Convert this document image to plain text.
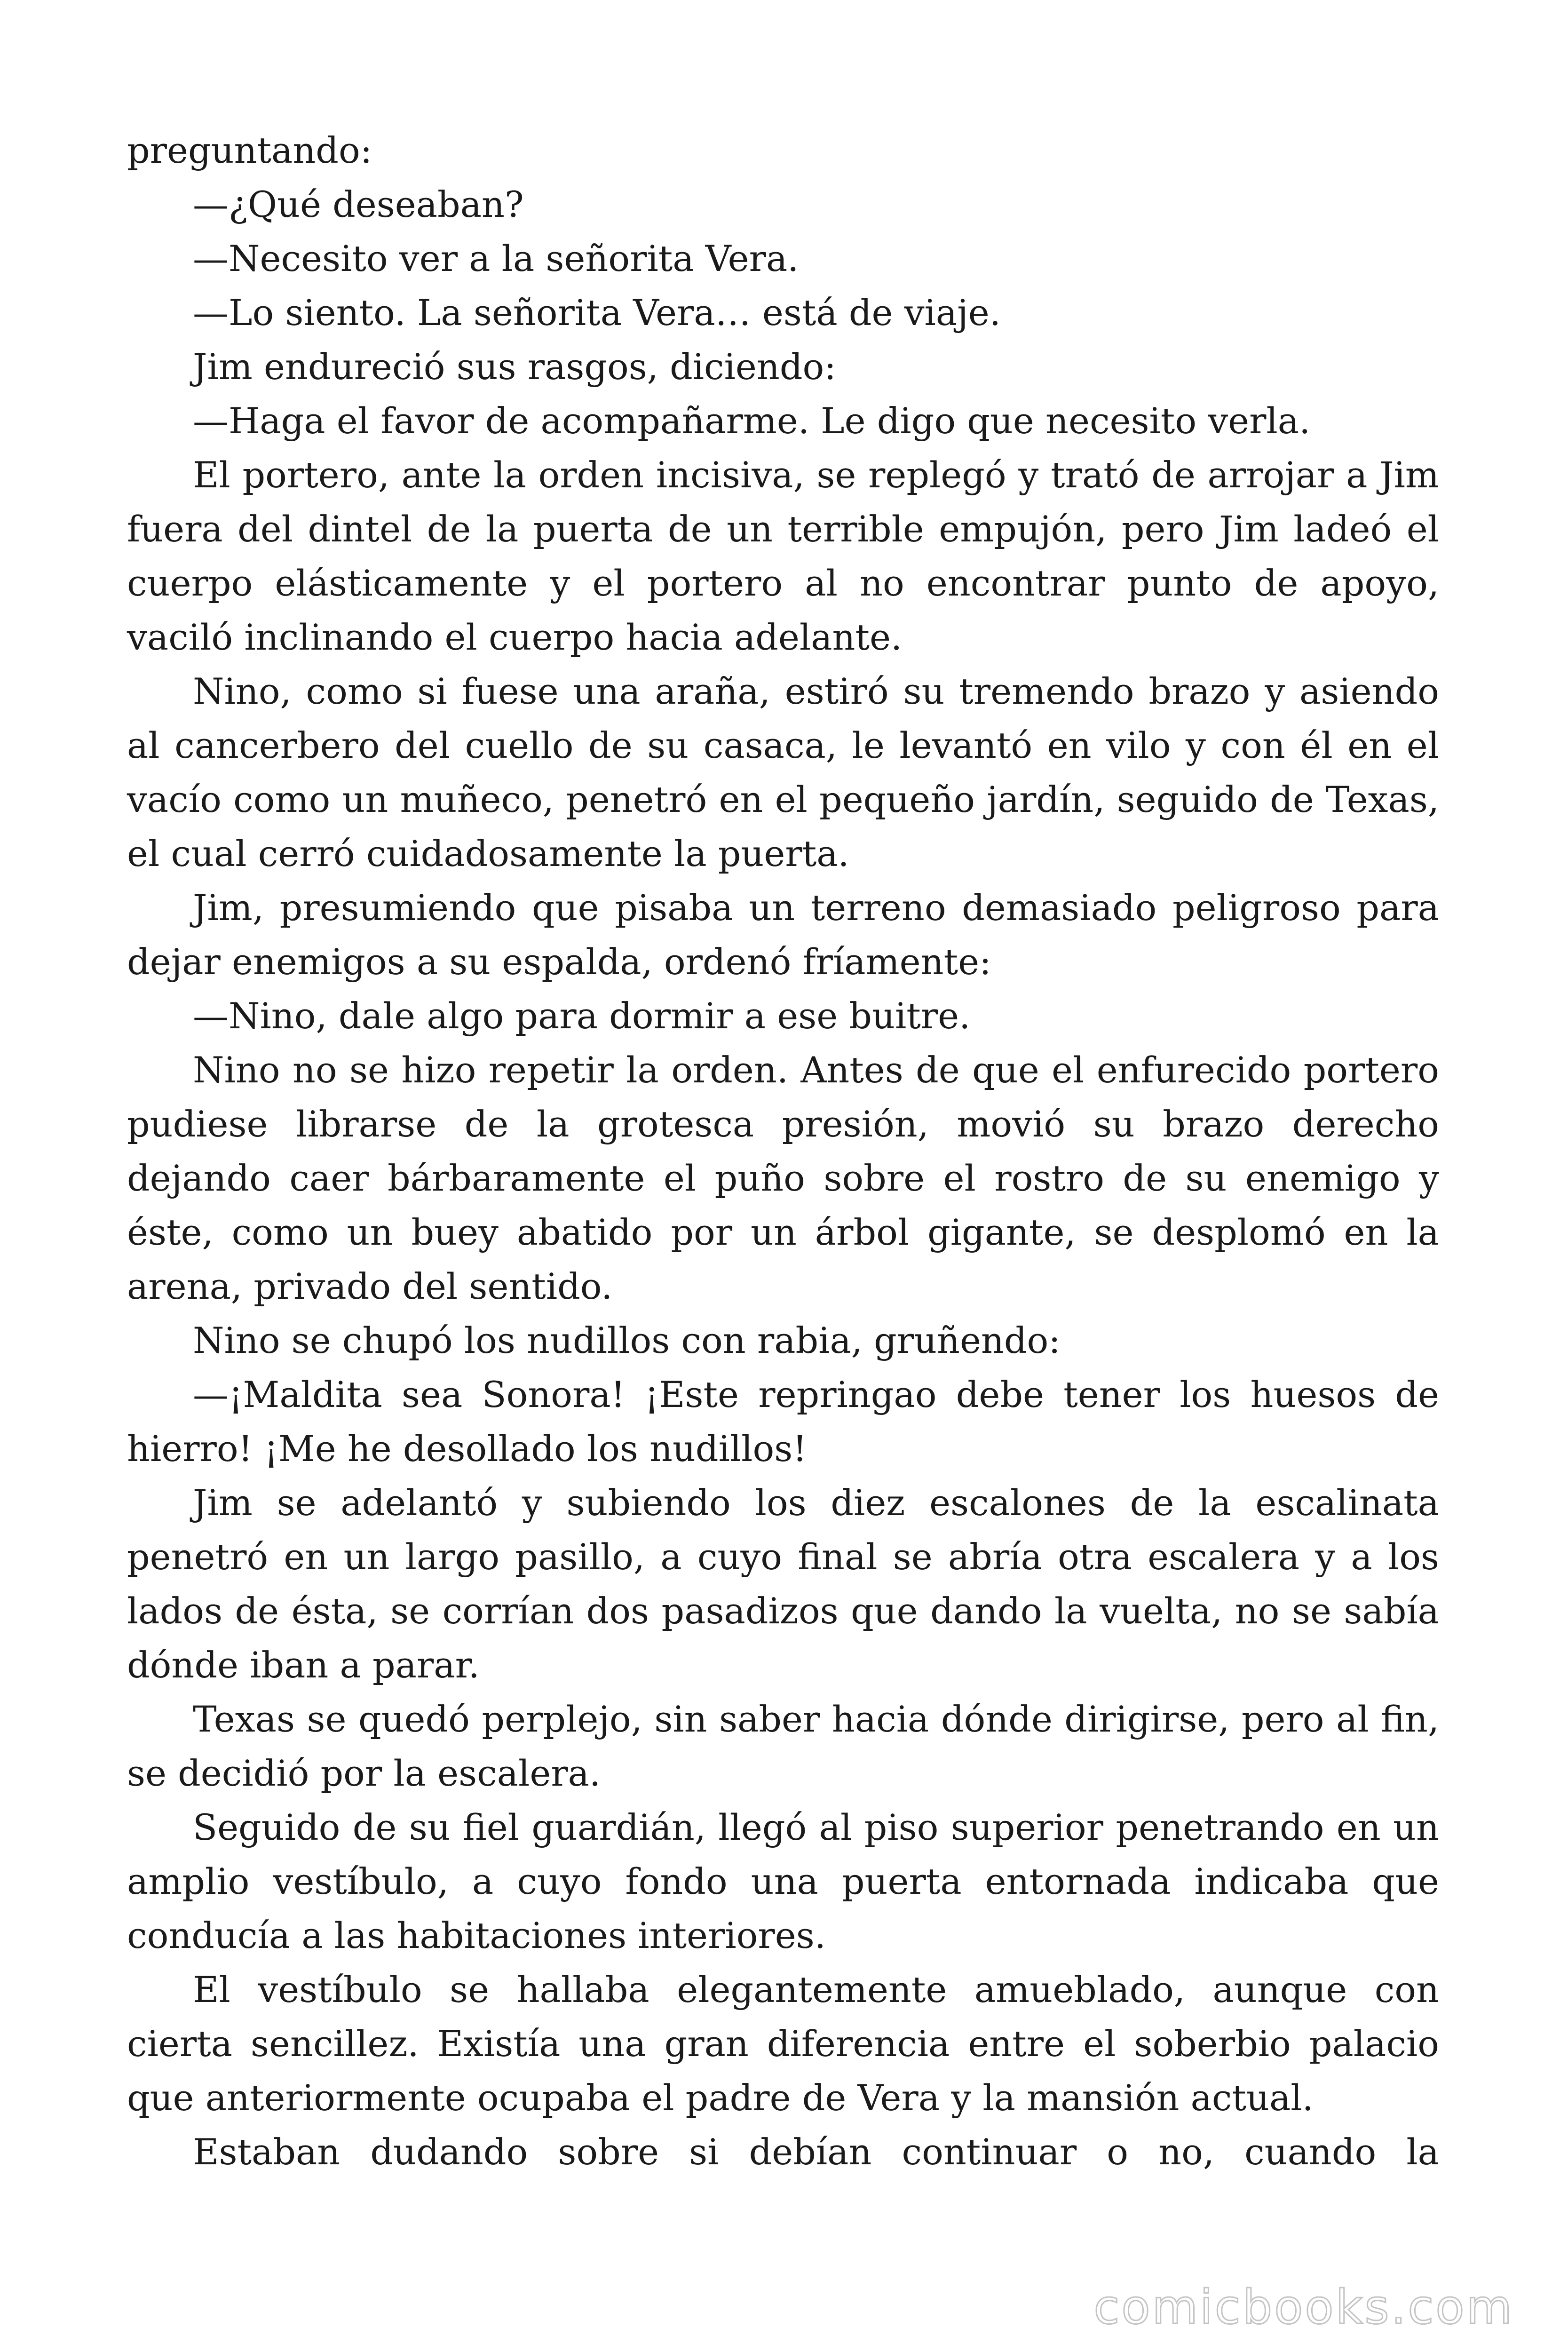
preguntando:

—¿Qué deseaban?

—Necesito ver a la señorita Vera.

—Lo siento. La señorita Vera… está de viaje.

Jim endureció sus rasgos, diciendo:

—Haga el favor de acompañarme. Le digo que necesito verla.

El portero, ante la orden incisiva, se replegó y trató de arrojar a Jim fuera del dintel de la puerta de un terrible empujón, pero Jim ladeó el cuerpo elásticamente y el portero al no encontrar punto de apoyo, vaciló inclinando el cuerpo hacia adelante.

Nino, como si fuese una araña, estiró su tremendo brazo y asiendo al cancerbero del cuello de su casaca, le levantó en vilo y con él en el vacío como un muñeco, penetró en el pequeño jardín, seguido de Texas, el cual cerró cuidadosamente la puerta.

Jim, presumiendo que pisaba un terreno demasiado peligroso para dejar enemigos a su espalda, ordenó fríamente:

—Nino, dale algo para dormir a ese buitre.

Nino no se hizo repetir la orden. Antes de que el enfurecido portero pudiese librarse de la grotesca presión, movió su brazo derecho dejando caer bárbaramente el puño sobre el rostro de su enemigo y éste, como un buey abatido por un árbol gigante, se desplomó en la arena, privado del sentido.

Nino se chupó los nudillos con rabia, gruñendo:

—¡Maldita sea Sonora! ¡Este repringao debe tener los huesos de hierro! ¡Me he desollado los nudillos!

Jim se adelantó y subiendo los diez escalones de la escalinata penetró en un largo pasillo, a cuyo final se abría otra escalera y a los lados de ésta, se corrían dos pasadizos que dando la vuelta, no se sabía dónde iban a parar.

Texas se quedó perplejo, sin saber hacia dónde dirigirse, pero al fin, se decidió por la escalera.

Seguido de su fiel guardián, llegó al piso superior penetrando en un amplio vestíbulo, a cuyo fondo una puerta entornada indicaba que conducía a las habitaciones interiores.

El vestíbulo se hallaba elegantemente amueblado, aunque con cierta sencillez. Existía una gran diferencia entre el soberbio palacio que anteriormente ocupaba el padre de Vera y la mansión actual.

Estaban dudando sobre si debían continuar o no, cuando la

comicbooks.com
